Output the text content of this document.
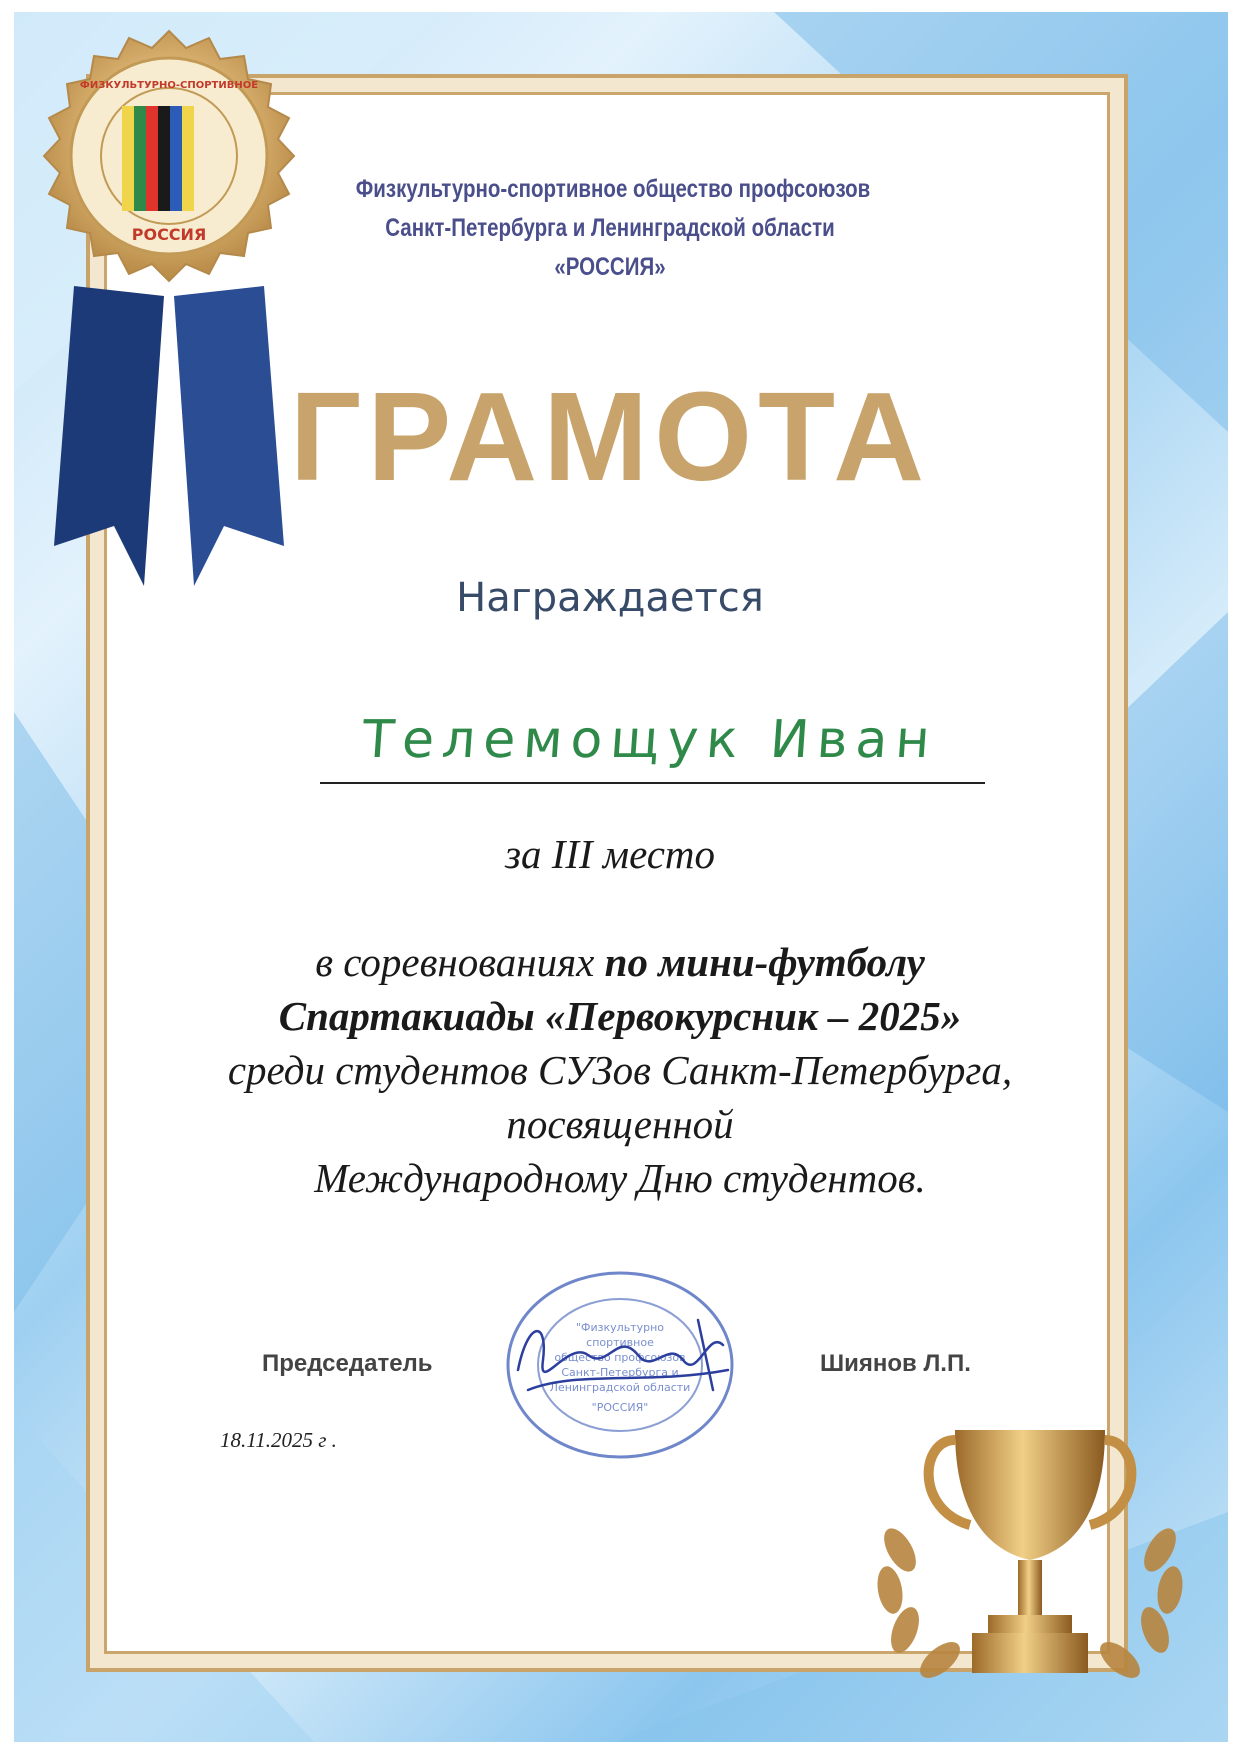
Физкультурно-спортивное общество профсоюзов
Санкт-Петербурга и Ленинградской области
«РОССИЯ»
ГРАМОТА
Награждается
Телемощук Иван
за III место
в соревнованиях по мини-футболу
Спартакиады «Первокурсник – 2025»
среди студентов СУЗов Санкт-Петербурга,
посвященной
Международному Дню студентов.
"Физкультурно
спортивное
общество профсоюзов
Санкт-Петербурга и
Ленинградской области
"РОССИЯ"
Председатель	Шиянов Л.П.
18.11.2025 г .
ФИЗКУЛЬТУРНО-СПОРТИВНОЕ
РОССИЯ
